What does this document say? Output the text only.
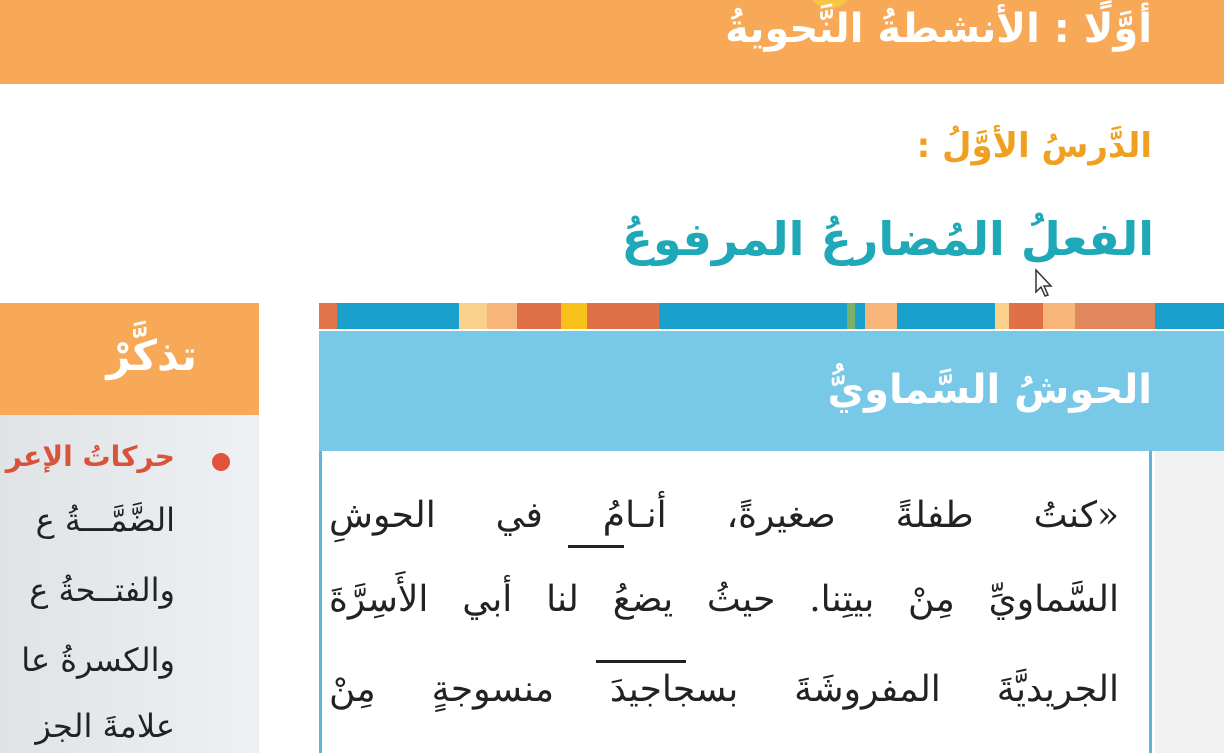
أوَّلًا : الأنشطةُ النَّحويةُ
الدَّرسُ الأوَّلُ :
الفعلُ المُضارعُ المرفوعُ
تذكَّرْ
حركاتُ الإعر
الضَّمَّـــةُ ع
والفتــحةُ ع
والكسرةُ عا
علامةَ الجز
الحوشُ السَّماويُّ
«كنتُ طفلةً صغيرةً، أنـامُ في الحوشِ
السَّماويِّ مِنْ بيتِنا. حيثُ يضعُ لنا أبي الأَسِرَّةَ
الجريديَّةَ المفروشَةَ بسجاجيدَ منسوجةٍ مِنْ
